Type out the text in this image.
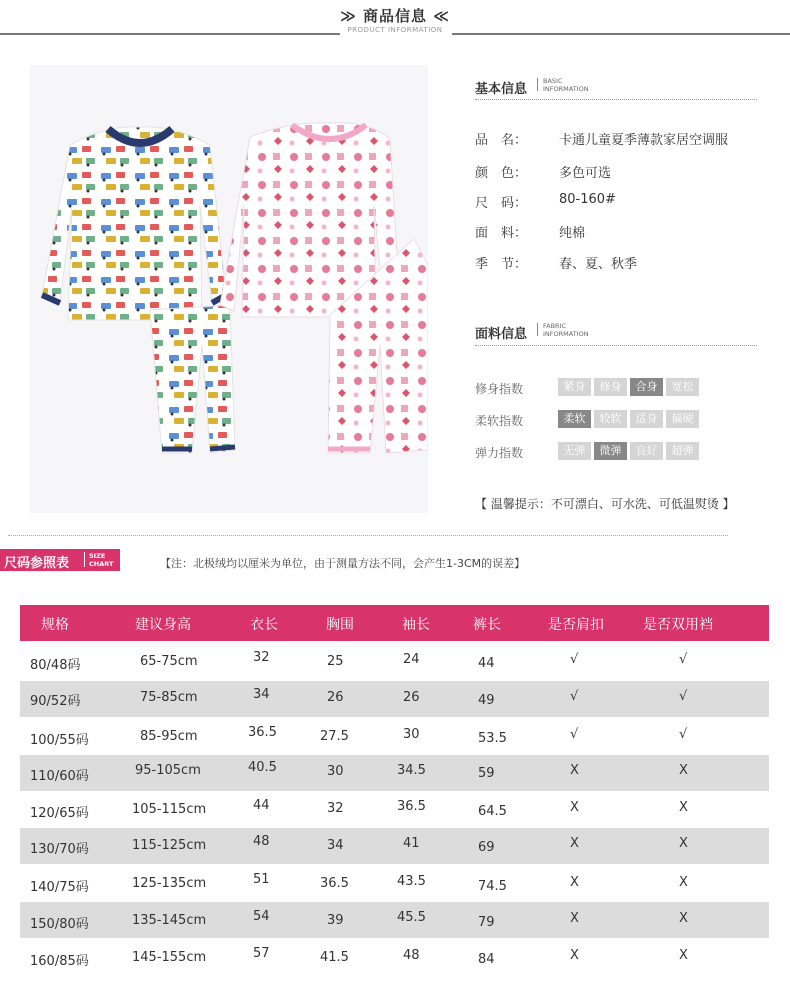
≫ 商品信息 ≪
PRODUCT INFORMATION
基本信息
BASIC INFORMATION
品　名：	卡通儿童夏季薄款家居空调服
颜　色：	多色可选
尺　码：	80-160#
面　料：	纯棉
季　节：	春、夏、秋季
面料信息
FABRIC INFORMATION
修身指数	紧身	修身	合身	宽松
柔软指数	柔软	较软	适身	偏硬
弹力指数	无弹	微弹	良好	超弹
【 温馨提示：不可漂白、可水洗、可低温熨烫 】
尺码参照表	SIZE CHART	【注：北极绒均以厘米为单位，由于测量方法不同，会产生1-3CM的误差】
规格	建议身高	衣长	胸围	袖长	裤长	是否肩扣	是否双用裆
80/48码	65-75cm	32	25	24	44	√	√
90/52码	75-85cm	34	26	26	49	√	√
100/55码	85-95cm	36.5	27.5	30	53.5	√	√
110/60码	95-105cm	40.5	30	34.5	59	X	X
120/65码	105-115cm	44	32	36.5	64.5	X	X
130/70码	115-125cm	48	34	41	69	X	X
140/75码	125-135cm	51	36.5	43.5	74.5	X	X
150/80码	135-145cm	54	39	45.5	79	X	X
160/85码	145-155cm	57	41.5	48	84	X	X
